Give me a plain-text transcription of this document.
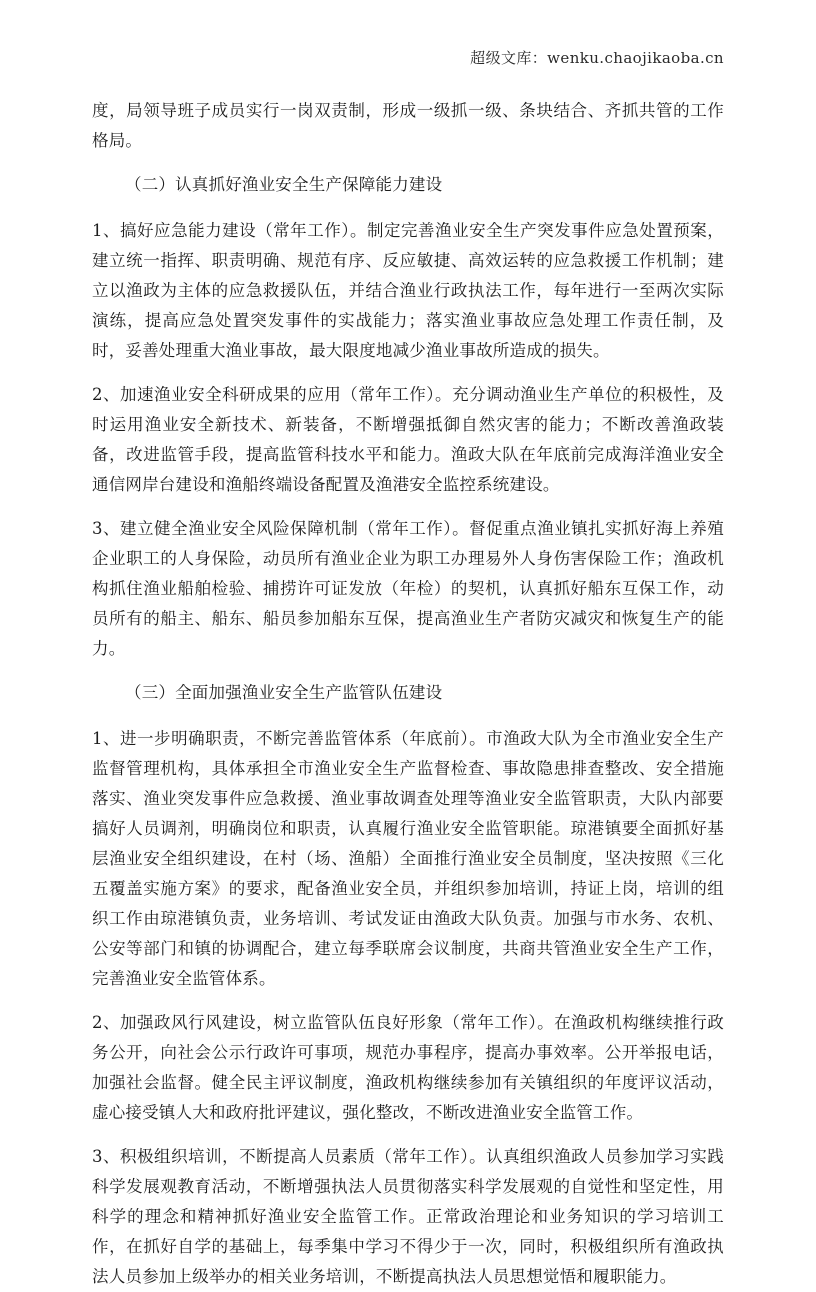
超级文库：wenku.chaojikaoba.cn

度，局领导班子成员实行一岗双责制，形成一级抓一级、条块结合、齐抓共管的工作格局。

（二）认真抓好渔业安全生产保障能力建设

1、搞好应急能力建设（常年工作）。制定完善渔业安全生产突发事件应急处置预案，建立统一指挥、职责明确、规范有序、反应敏捷、高效运转的应急救援工作机制；建立以渔政为主体的应急救援队伍，并结合渔业行政执法工作，每年进行一至两次实际演练，提高应急处置突发事件的实战能力；落实渔业事故应急处理工作责任制，及时，妥善处理重大渔业事故，最大限度地减少渔业事故所造成的损失。

2、加速渔业安全科研成果的应用（常年工作）。充分调动渔业生产单位的积极性，及时运用渔业安全新技术、新装备，不断增强抵御自然灾害的能力；不断改善渔政装备，改进监管手段，提高监管科技水平和能力。渔政大队在年底前完成海洋渔业安全通信网岸台建设和渔船终端设备配置及渔港安全监控系统建设。

3、建立健全渔业安全风险保障机制（常年工作）。督促重点渔业镇扎实抓好海上养殖企业职工的人身保险，动员所有渔业企业为职工办理易外人身伤害保险工作；渔政机构抓住渔业船舶检验、捕捞许可证发放（年检）的契机，认真抓好船东互保工作，动员所有的船主、船东、船员参加船东互保，提高渔业生产者防灾减灾和恢复生产的能力。

（三）全面加强渔业安全生产监管队伍建设

1、进一步明确职责，不断完善监管体系（年底前）。市渔政大队为全市渔业安全生产监督管理机构，具体承担全市渔业安全生产监督检查、事故隐患排查整改、安全措施落实、渔业突发事件应急救援、渔业事故调查处理等渔业安全监管职责，大队内部要搞好人员调剂，明确岗位和职责，认真履行渔业安全监管职能。琼港镇要全面抓好基层渔业安全组织建设，在村（场、渔船）全面推行渔业安全员制度，坚决按照《三化五覆盖实施方案》的要求，配备渔业安全员，并组织参加培训，持证上岗，培训的组织工作由琼港镇负责，业务培训、考试发证由渔政大队负责。加强与市水务、农机、公安等部门和镇的协调配合，建立每季联席会议制度，共商共管渔业安全生产工作，完善渔业安全监管体系。

2、加强政风行风建设，树立监管队伍良好形象（常年工作）。在渔政机构继续推行政务公开，向社会公示行政许可事项，规范办事程序，提高办事效率。公开举报电话，加强社会监督。健全民主评议制度，渔政机构继续参加有关镇组织的年度评议活动，虚心接受镇人大和政府批评建议，强化整改，不断改进渔业安全监管工作。

3、积极组织培训，不断提高人员素质（常年工作）。认真组织渔政人员参加学习实践科学发展观教育活动，不断增强执法人员贯彻落实科学发展观的自觉性和坚定性，用科学的理念和精神抓好渔业安全监管工作。正常政治理论和业务知识的学习培训工作，在抓好自学的基础上，每季集中学习不得少于一次，同时，积极组织所有渔政执法人员参加上级举办的相关业务培训，不断提高执法人员思想觉悟和履职能力。
